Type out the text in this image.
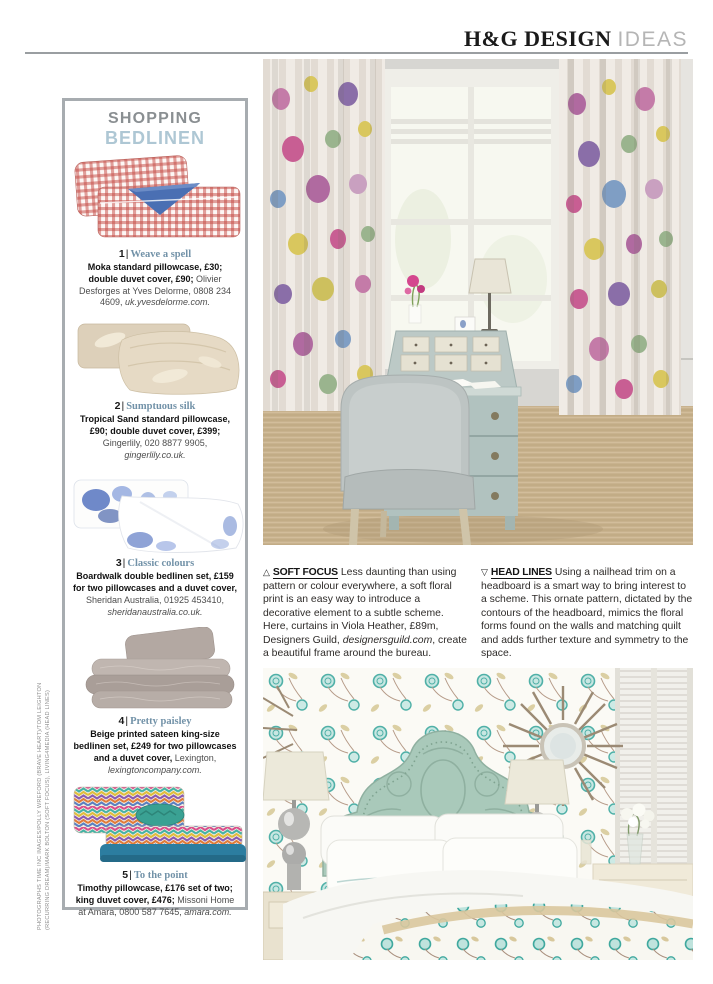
H&G DESIGN IDEAS
PHOTOGRAPHS TIME INC IMAGES/POLLY WREFORD (BRAVE HEART)/TOM LEIGHTON (RECURRING DREAM)/MARK BOLTON (SOFT FOCUS), LIVING4MEDIA (HEAD LINES)
SHOPPING
BEDLINEN
1| Weave a spell

Moka standard pillowcase, £30; double duvet cover, £90; Olivier Desforges at Yves Delorme, 0808 234 4609, uk.yvesdelorme.com.

2| Sumptuous silk

Tropical Sand standard pillowcase, £90; double duvet cover, £399; Gingerlily, 020 8877 9905, gingerlily.co.uk.

3| Classic colours

Boardwalk double bedlinen set, £159 for two pillowcases and a duvet cover, Sheridan Australia, 01925 453410, sheridanaustralia.co.uk.

4| Pretty paisley

Beige printed sateen king-size bedlinen set, £249 for two pillowcases and a duvet cover, Lexington, lexingtoncompany.com.

5| To the point

Timothy pillowcase, £176 set of two; king duvet cover, £476; Missoni Home at Amara, 0800 587 7645, amara.com.

△ SOFT FOCUS Less daunting than using pattern or colour everywhere, a soft floral print is an easy way to introduce a decorative element to a subtle scheme. Here, curtains in Viola Heather, £89m, Designers Guild, designersguild.com, create a beautiful frame around the bureau.

▽ HEAD LINES Using a nailhead trim on a headboard is a smart way to bring interest to a scheme. This ornate pattern, dictated by the contours of the headboard, mimics the floral forms found on the walls and matching quilt and adds further texture and symmetry to the space.
